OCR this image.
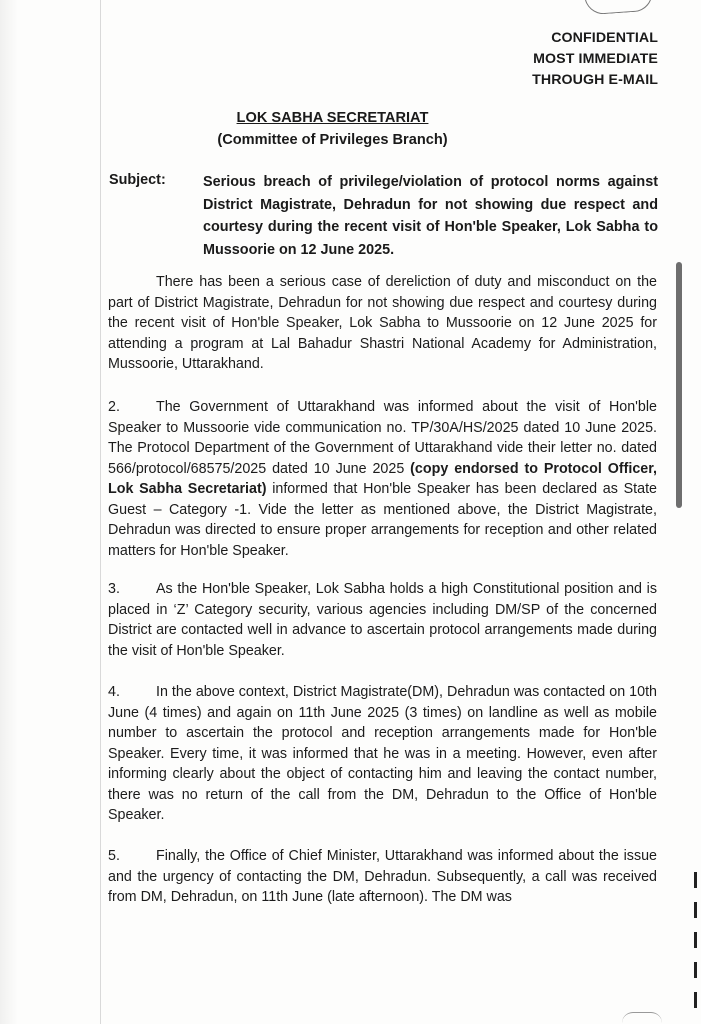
CONFIDENTIAL
MOST IMMEDIATE
THROUGH E-MAIL
LOK SABHA SECRETARIAT
(Committee of Privileges Branch)
Subject:	Serious breach of privilege/violation of protocol norms against District Magistrate, Dehradun for not showing due respect and courtesy during the recent visit of Hon'ble Speaker, Lok Sabha to Mussoorie on 12 June 2025.
There has been a serious case of dereliction of duty and misconduct on the part of District Magistrate, Dehradun for not showing due respect and courtesy during the recent visit of Hon'ble Speaker, Lok Sabha to Mussoorie on 12 June 2025 for attending a program at Lal Bahadur Shastri National Academy for Administration, Mussoorie, Uttarakhand.
2.	The Government of Uttarakhand was informed about the visit of Hon'ble Speaker to Mussoorie vide communication no. TP/30A/HS/2025 dated 10 June 2025. The Protocol Department of the Government of Uttarakhand vide their letter no. dated 566/protocol/68575/2025 dated 10 June 2025 (copy endorsed to Protocol Officer, Lok Sabha Secretariat) informed that Hon'ble Speaker has been declared as State Guest – Category -1. Vide the letter as mentioned above, the District Magistrate, Dehradun was directed to ensure proper arrangements for reception and other related matters for Hon'ble Speaker.
3.	As the Hon'ble Speaker, Lok Sabha holds a high Constitutional position and is placed in ‘Z’ Category security, various agencies including DM/SP of the concerned District are contacted well in advance to ascertain protocol arrangements made during the visit of Hon'ble Speaker.
4.	In the above context, District Magistrate(DM), Dehradun was contacted on 10th June (4 times) and again on 11th June 2025 (3 times) on landline as well as mobile number to ascertain the protocol and reception arrangements made for Hon'ble Speaker. Every time, it was informed that he was in a meeting. However, even after informing clearly about the object of contacting him and leaving the contact number, there was no return of the call from the DM, Dehradun to the Office of Hon'ble Speaker.
5.	Finally, the Office of Chief Minister, Uttarakhand was informed about the issue and the urgency of contacting the DM, Dehradun. Subsequently, a call was received from DM, Dehradun, on 11th June (late afternoon). The DM was
